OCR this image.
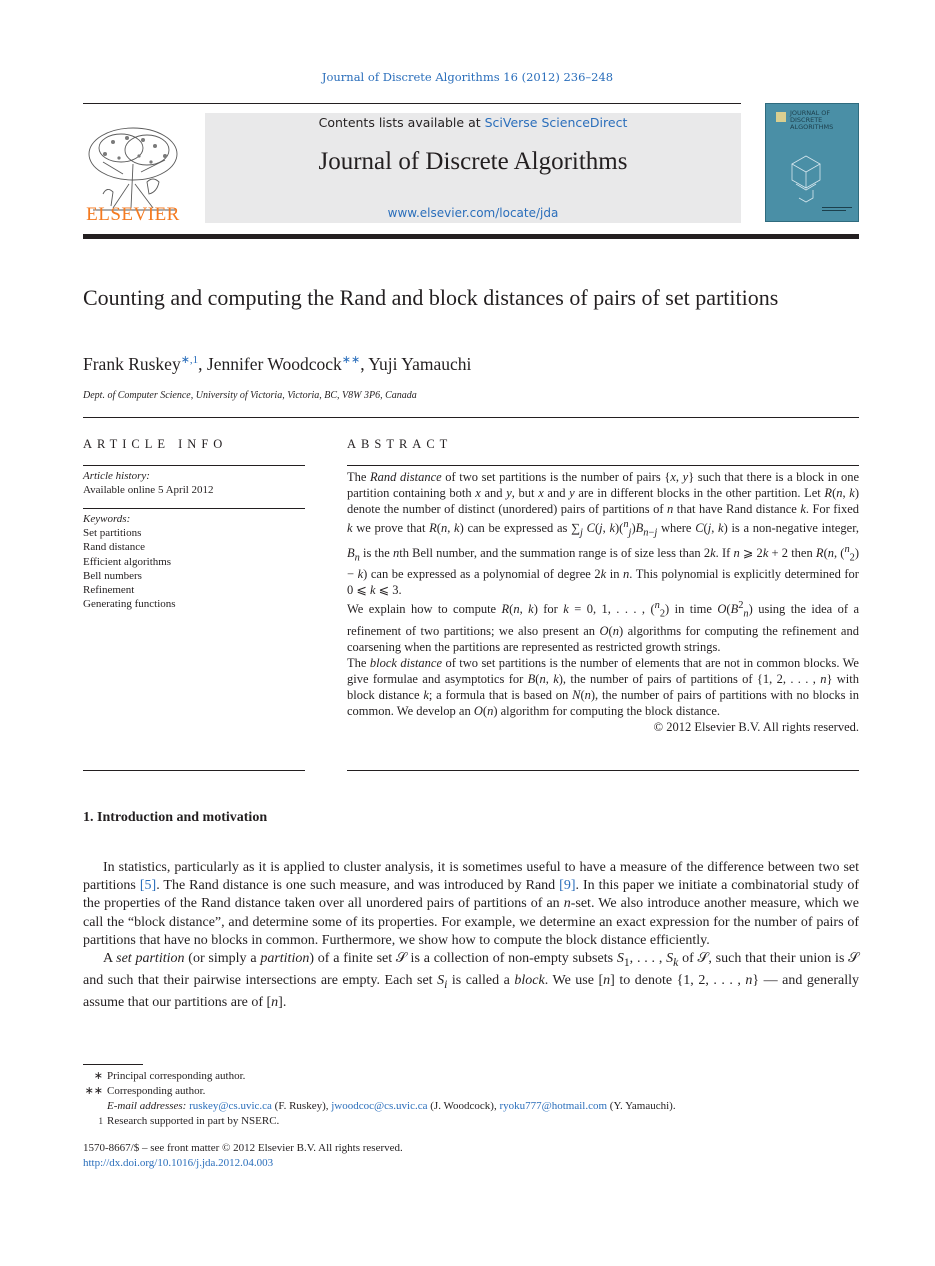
Journal of Discrete Algorithms 16 (2012) 236–248
ELSEVIER
Contents lists available at SciVerse ScienceDirect
Journal of Discrete Algorithms
www.elsevier.com/locate/jda
JOURNAL OF DISCRETE ALGORITHMS
Counting and computing the Rand and block distances of pairs of set partitions
Frank Ruskey$^{∗,1}$, Jennifer Woodcock∗∗, Yuji Yamauchi
Dept. of Computer Science, University of Victoria, Victoria, BC, V8W 3P6, Canada
ARTICLE INFO	ABSTRACT
Article history:
Available online 5 April 2012
Keywords:
Set partitions
Rand distance
Efficient algorithms
Bell numbers
Refinement
Generating functions

The Rand distance of two set partitions is the number of pairs {x, y} such that there is a block in one partition containing both x and y, but x and y are in different blocks in the other partition. Let R(n, k) denote the number of distinct (unordered) pairs of partitions of n that have Rand distance k. For fixed k we prove that R(n, k) can be expressed as $\sum_j$ C(j, $k)(^n_j)B_{n-j}$ where C(j, k) is a non-negative integer, $B_n$ is the nth Bell number, and the summation range is of size less than 2k. If n ⩾ 2k + 2 then R(n, ($^n_2$) − k) can be expressed as a polynomial of degree 2k in n. This polynomial is explicitly determined for 0 ⩽ k ⩽ 3.

We explain how to compute R(n, k) for k = 0, 1, . . . , ($^n_2$) in time $O(B^2_n)$ using the idea of a refinement of two partitions; we also present an O(n) algorithms for computing the refinement and coarsening when the partitions are represented as restricted growth strings.

The block distance of two set partitions is the number of elements that are not in common blocks. We give formulae and asymptotics for B(n, k), the number of pairs of partitions of {1, 2, . . . , n} with block distance k; a formula that is based on N(n), the number of pairs of partitions with no blocks in common. We develop an O(n) algorithm for computing the block distance.

© 2012 Elsevier B.V. All rights reserved.

1. Introduction and motivation

In statistics, particularly as it is applied to cluster analysis, it is sometimes useful to have a measure of the difference between two set partitions [5]. The Rand distance is one such measure, and was introduced by Rand [9]. In this paper we initiate a combinatorial study of the properties of the Rand distance taken over all unordered pairs of partitions of an n-set. We also introduce another measure, which we call the “block distance”, and determine some of its properties. For example, we determine an exact expression for the number of pairs of partitions that have no blocks in common. Furthermore, we show how to compute the block distance efficiently.

A set partition (or simply a partition) of a finite set 𝒮 is a collection of non-empty subsets $S_1$, . . . , $S_k$ of 𝒮, such that their union is 𝒮 and such that their pairwise intersections are empty. Each set $S_i$ is called a block. We use [n] to denote {1, 2, . . . , n} — and generally assume that our partitions are of [n].

∗ Principal corresponding author.
∗∗ Corresponding author.
E-mail addresses: ruskey@cs.uvic.ca (F. Ruskey), jwoodcoc@cs.uvic.ca (J. Woodcock), ryoku777@hotmail.com (Y. Yamauchi).
1 Research supported in part by NSERC.
1570-8667/$ – see front matter © 2012 Elsevier B.V. All rights reserved.
http://dx.doi.org/10.1016/j.jda.2012.04.003
